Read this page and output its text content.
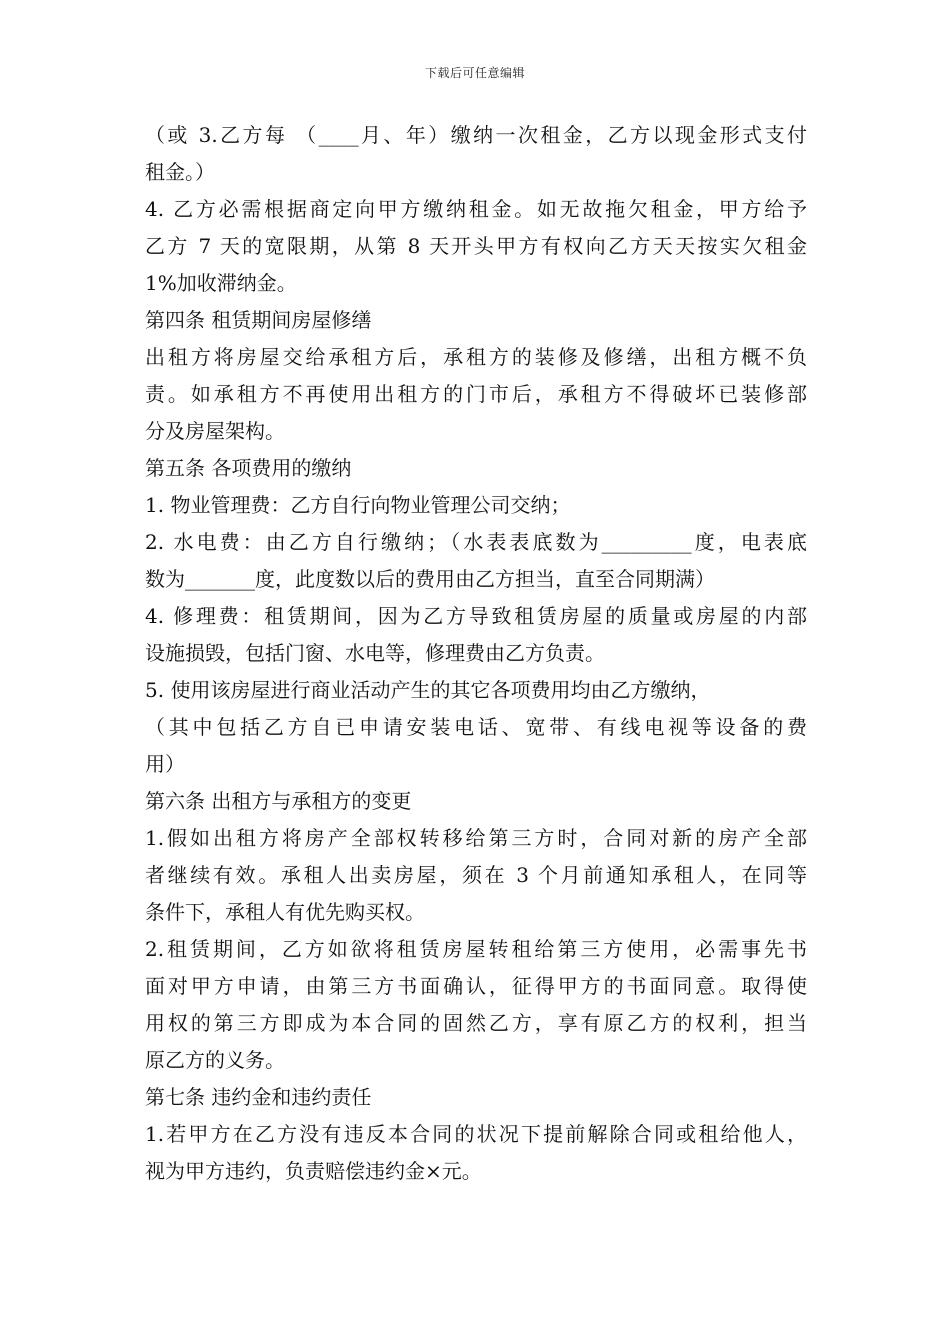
下载后可任意编辑
（或 3.乙方每 （____月、年）缴纳一次租金，乙方以现金形式支付
租金。）
4. 乙方必需根据商定向甲方缴纳租金。如无故拖欠租金，甲方给予
乙方 7 天的宽限期，从第 8 天开头甲方有权向乙方天天按实欠租金
1%加收滞纳金。
第四条 租赁期间房屋修缮
出租方将房屋交给承租方后，承租方的装修及修缮，出租方概不负
责。如承租方不再使用出租方的门市后，承租方不得破坏已装修部
分及房屋架构。
第五条 各项费用的缴纳
1. 物业管理费：乙方自行向物业管理公司交纳；
2. 水电费：由乙方自行缴纳；（水表表底数为_________度，电表底
数为_______度，此度数以后的费用由乙方担当，直至合同期满）
4. 修理费：租赁期间，因为乙方导致租赁房屋的质量或房屋的内部
设施损毁，包括门窗、水电等，修理费由乙方负责。
5. 使用该房屋进行商业活动产生的其它各项费用均由乙方缴纳，
（其中包括乙方自已申请安装电话、宽带、有线电视等设备的费
用）
第六条 出租方与承租方的变更
1.假如出租方将房产全部权转移给第三方时，合同对新的房产全部
者继续有效。承租人出卖房屋，须在 3 个月前通知承租人，在同等
条件下，承租人有优先购买权。
2.租赁期间，乙方如欲将租赁房屋转租给第三方使用，必需事先书
面对甲方申请，由第三方书面确认，征得甲方的书面同意。取得使
用权的第三方即成为本合同的固然乙方，享有原乙方的权利，担当
原乙方的义务。
第七条 违约金和违约责任
1.若甲方在乙方没有违反本合同的状况下提前解除合同或租给他人，
视为甲方违约，负责赔偿违约金×元。
